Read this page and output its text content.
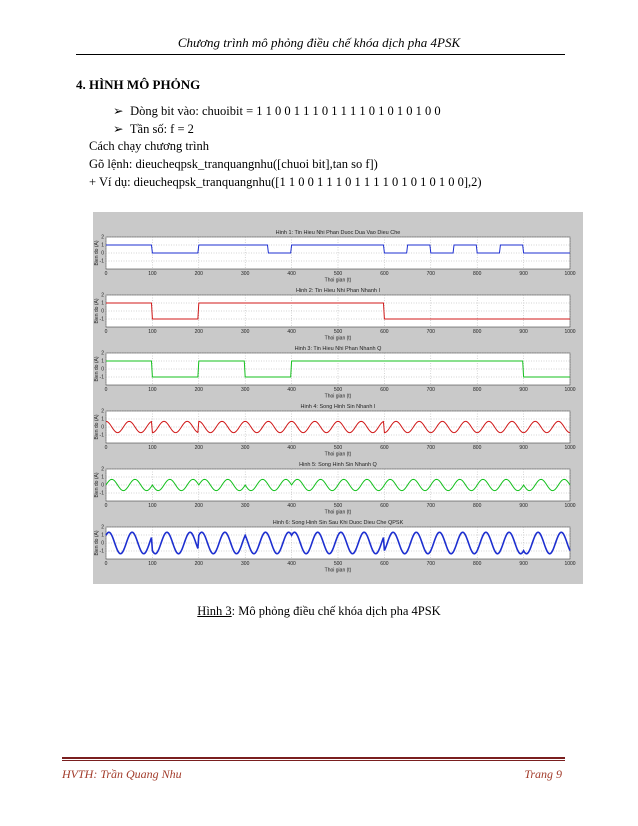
Chương trình mô phỏng điều chế khóa dịch pha 4PSK
4. HÌNH MÔ PHỎNG
➢ Dòng bit vào: chuoibit = 1 1 0 0 1 1 1 0 1 1 1 1 0 1 0 1 0 1 0 0
➢ Tần số: f = 2
Cách chạy chương trình
Gõ lệnh: dieucheqpsk_tranquangnhu([chuoi bit],tan so f])
+ Ví dụ: dieucheqpsk_tranquangnhu([1 1 0 0 1 1 1 0 1 1 1 1 0 1 0 1 0 1 0 0],2)
Hinh 1: Tin Hieu Nhi Phan Duoc Dua Vao Dieu Che
0	100	200	300	400	500	600	700	800	900	1000
2
1
0
-1
Thoi gian (t)
Bien do (A)
Hinh 2: Tin Hieu Nhi Phan Nhanh I
0	100	200	300	400	500	600	700	800	900	1000
2
1
0
-1
Thoi gian (t)
Bien do (A)
Hinh 3: Tin Hieu Nhi Phan Nhanh Q
0	100	200	300	400	500	600	700	800	900	1000
2
1
0
-1
Thoi gian (t)
Bien do (A)
Hinh 4: Song Hinh Sin Nhanh I
0	100	200	300	400	500	600	700	800	900	1000
2
1
0
-1
Thoi gian (t)
Bien do (A)
Hinh 5: Song Hinh Sin Nhanh Q
0	100	200	300	400	500	600	700	800	900	1000
2
1
0
-1
Thoi gian (t)
Bien do (A)
Hinh 6: Song Hinh Sin Sau Khi Duoc Dieu Che QPSK
0	100	200	300	400	500	600	700	800	900	1000
2
1
0
-1
Thoi gian (t)
Bien do (A)
Hình 3: Mô phỏng điều chế khóa dịch pha 4PSK
HVTH: Trần Quang Nhu	Trang 9
